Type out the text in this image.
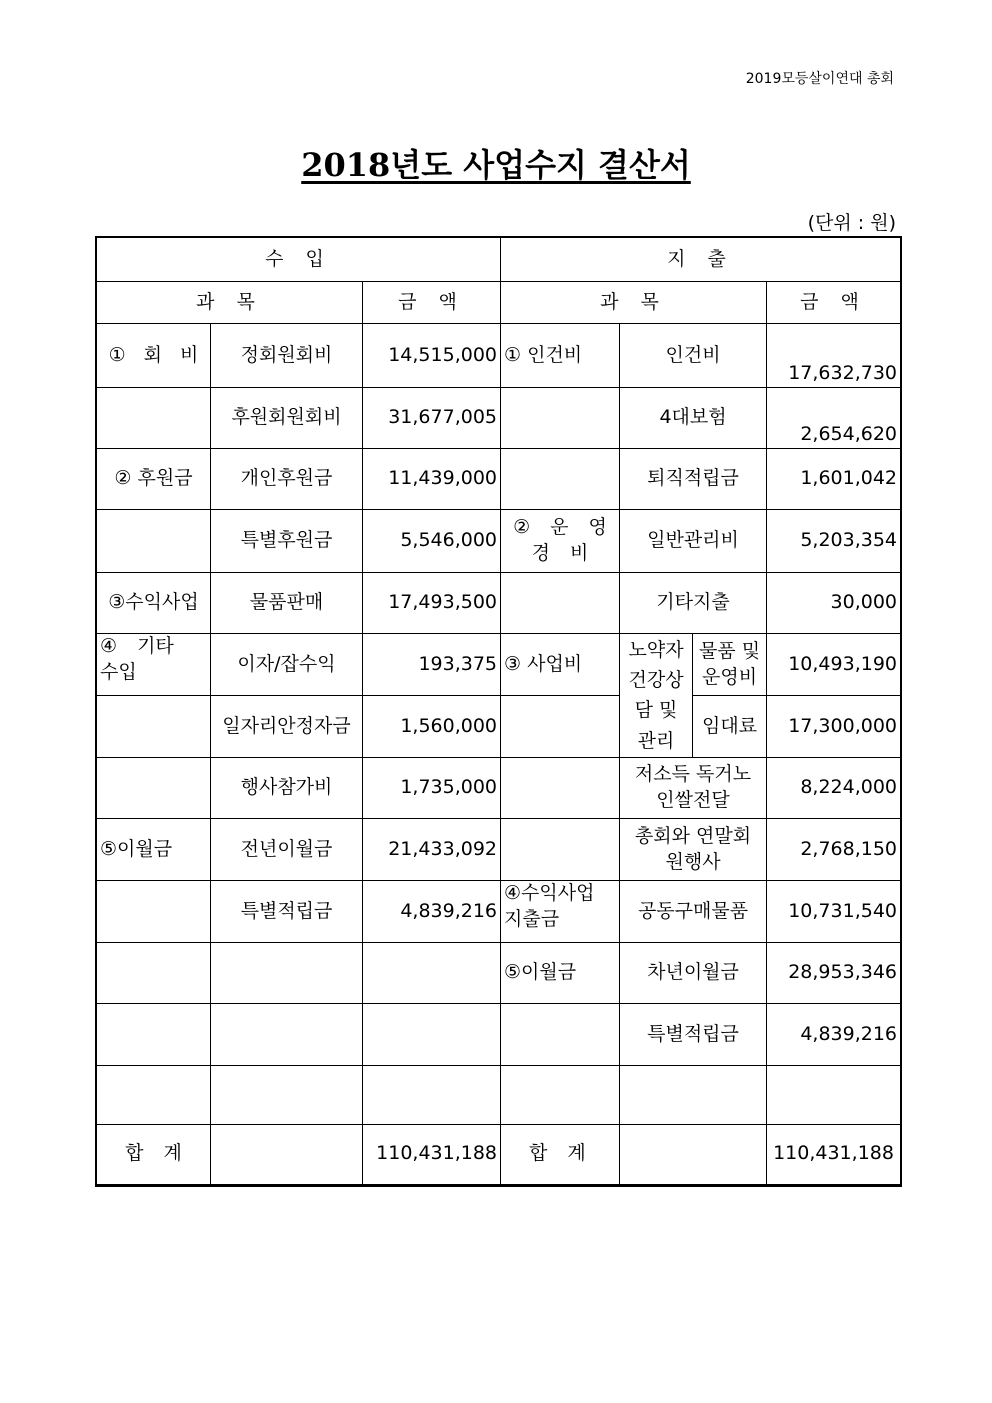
2019모등살이연대 총회
2018년도 사업수지 결산서
(단위 : 원)
수 입			지 출			
과 목		금 액	과 목			금 액
① 회 비	정회원회비	14,515,000	① 인건비	인건비		17,632,730
	후원회원회비	31,677,005		4대보험		2,654,620
② 후원금	개인후원금	11,439,000		퇴직적립금		1,601,042
	특별후원금	5,546,000	② 운 영 경 비	일반관리비		5,203,354
③수익사업	물품판매	17,493,500		기타지출		30,000
④ 기타 수입	이자/잡수익	193,375	③ 사업비	노약자건강상담 및 관리	물품 및 운영비	10,493,190
	일자리안정자금	1,560,000			임대료	17,300,000
	행사참가비	1,735,000		저소득 독거노인쌀전달		8,224,000
⑤이월금	전년이월금	21,433,092		총회와 연말회원행사		2,768,150
	특별적립금	4,839,216	④수익사업 지출금	공동구매물품		10,731,540
			⑤이월금	차년이월금		28,953,346
				특별적립금		4,839,216

합 계		110,431,188	합 계			110,431,188
